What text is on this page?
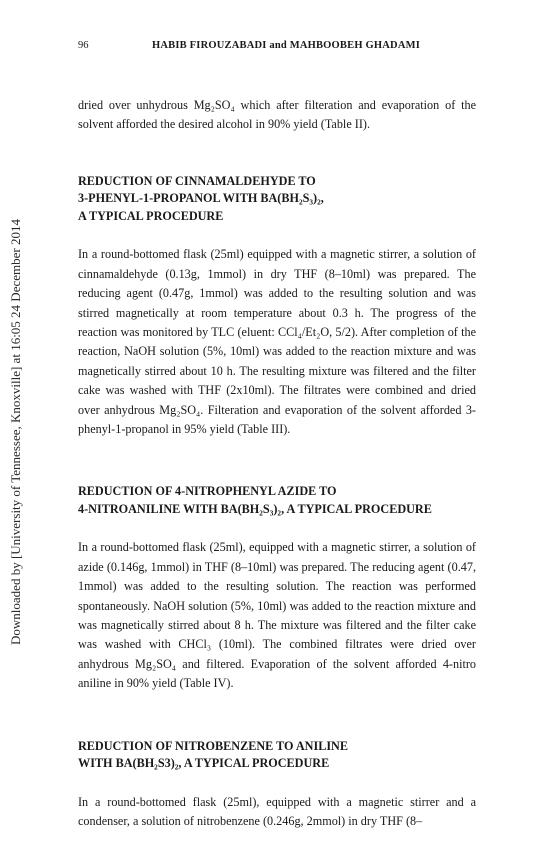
Downloaded by [University of Tennessee, Knoxville] at 16:05 24 December 2014
96	HABIB FIROUZABADI and MAHBOOBEH GHADAMI

dried over unhydrous Mg₂SO₄ which after filteration and evaporation of the solvent afforded the desired alcohol in 90% yield (Table II).

REDUCTION OF CINNAMALDEHYDE TO
3-PHENYL-1-PROPANOL WITH BA(BH₂S₃)₂,
A TYPICAL PROCEDURE

In a round-bottomed flask (25ml) equipped with a magnetic stirrer, a solution of cinnamaldehyde (0.13g, 1mmol) in dry THF (8–10ml) was prepared. The reducing agent (0.47g, 1mmol) was added to the resulting solution and was stirred magnetically at room temperature about 0.3 h. The progress of the reaction was monitored by TLC (eluent: CCl₄/Et₂O, 5/2). After completion of the reaction, NaOH solution (5%, 10ml) was added to the reaction mixture and was magnetically stirred about 10 h. The resulting mixture was filtered and the filter cake was washed with THF (2x10ml). The filtrates were combined and dried over anhydrous Mg₂SO₄. Filteration and evaporation of the solvent afforded 3-phenyl-1-propanol in 95% yield (Table III).

REDUCTION OF 4-NITROPHENYL AZIDE TO
4-NITROANILINE WITH BA(BH₂S₃)₂, A TYPICAL PROCEDURE

In a round-bottomed flask (25ml), equipped with a magnetic stirrer, a solution of azide (0.146g, 1mmol) in THF (8–10ml) was prepared. The reducing agent (0.47, 1mmol) was added to the resulting solution. The reaction was performed spontaneously. NaOH solution (5%, 10ml) was added to the reaction mixture and was magnetically stirred about 8 h. The mixture was filtered and the filter cake was washed with CHCl₃ (10ml). The combined filtrates were dried over anhydrous Mg₂SO₄ and filtered. Evaporation of the solvent afforded 4-nitro aniline in 90% yield (Table IV).

REDUCTION OF NITROBENZENE TO ANILINE
WITH BA(BH₂S3)₂, A TYPICAL PROCEDURE

In a round-bottomed flask (25ml), equipped with a magnetic stirrer and a condenser, a solution of nitrobenzene (0.246g, 2mmol) in dry THF (8–
